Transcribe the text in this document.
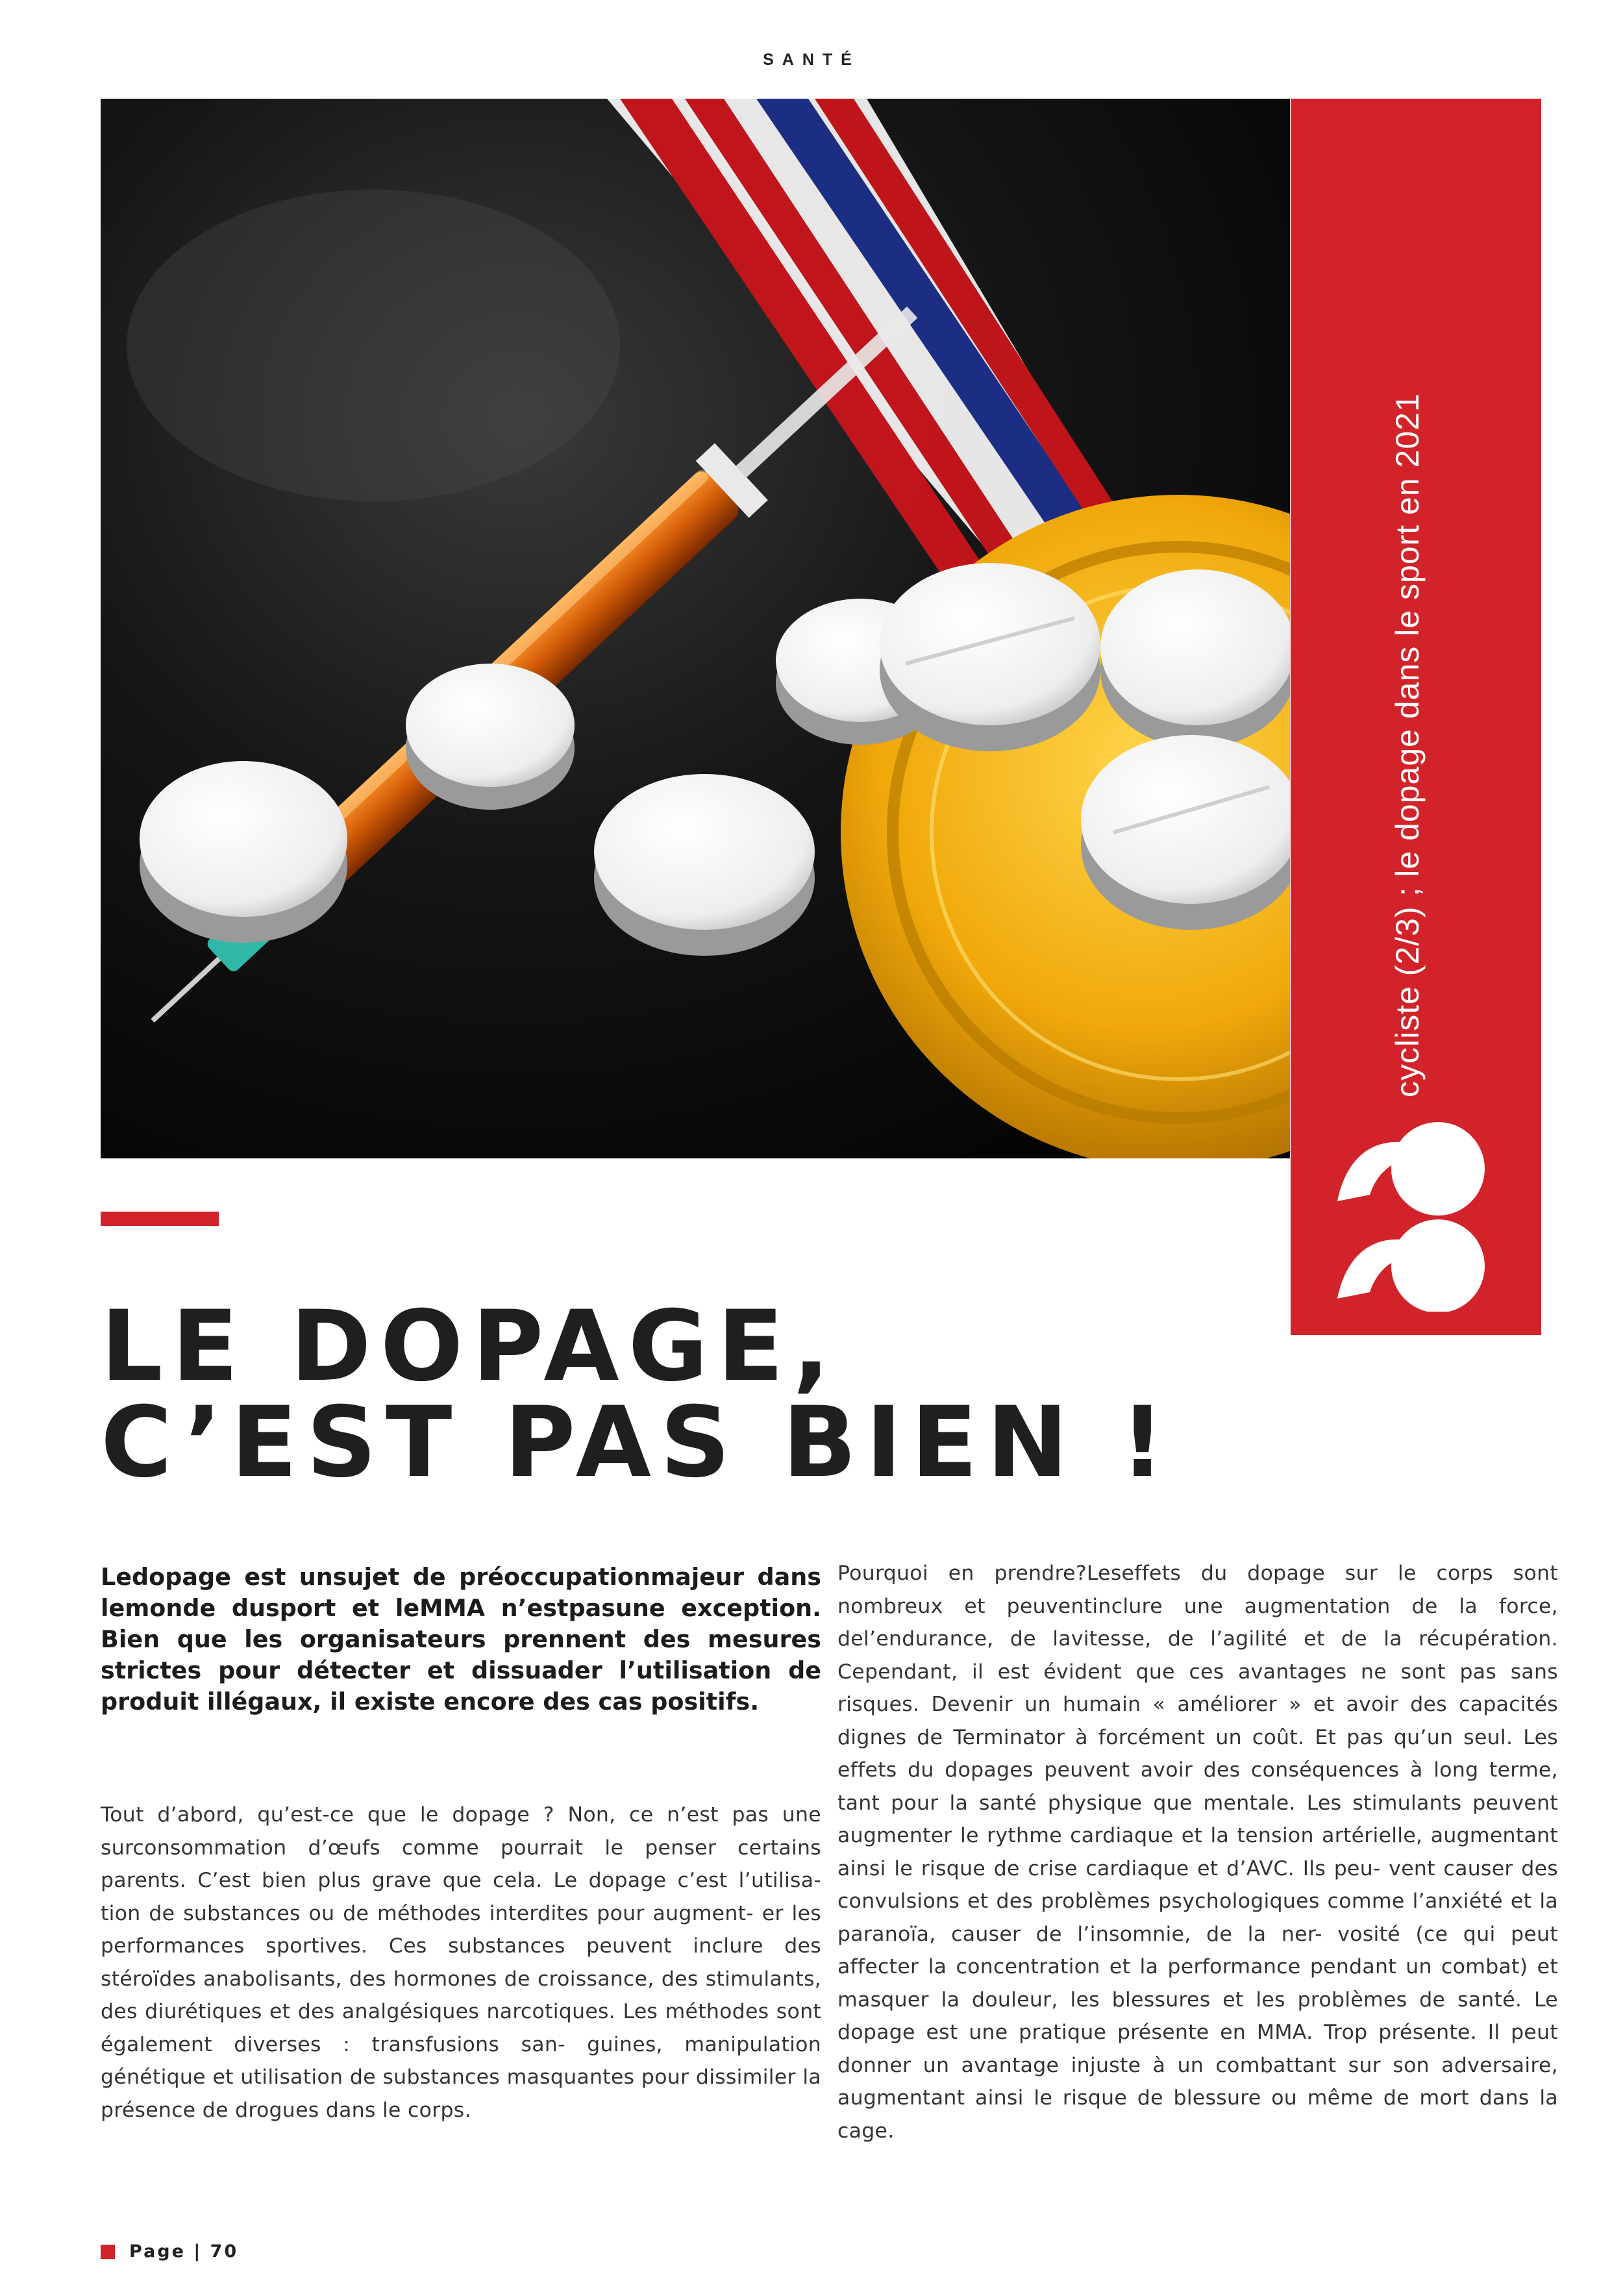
SANTÉ
cycliste (2/3) ; le dopage dans le sport en 2021
LE DOPAGE,
C’EST PAS BIEN !

Ledopage est unsujet de préoccupationmajeur dans lemonde dusport et leMMA n’estpasune exception. Bien que les organisateurs prennent des mesures strictes pour détecter et dissuader l’utilisation de produit illégaux, il existe encore des cas positifs.

Tout d’abord, qu’est-ce que le dopage ? Non, ce n’est pas une surconsommation d’œufs comme pourrait le penser certains parents. C’est bien plus grave que cela. Le dopage c’est l’utilisa- tion de substances ou de méthodes interdites pour augment- er les performances sportives. Ces substances peuvent inclure des stéroïdes anabolisants, des hormones de croissance, des stimulants, des diurétiques et des analgésiques narcotiques. Les méthodes sont également diverses : transfusions san- guines, manipulation génétique et utilisation de substances masquantes pour dissimiler la présence de drogues dans le corps.

Pourquoi en prendre?Leseffets du dopage sur le corps sont nombreux et peuventinclure une augmentation de la force, del’endurance, de lavitesse, de l’agilité et de la récupération. Cependant, il est évident que ces avantages ne sont pas sans risques. Devenir un humain « améliorer » et avoir des capacités dignes de Terminator à forcément un coût. Et pas qu’un seul. Les effets du dopages peuvent avoir des conséquences à long terme, tant pour la santé physique que mentale. Les stimulants peuvent augmenter le rythme cardiaque et la tension artérielle, augmentant ainsi le risque de crise cardiaque et d’AVC. Ils peu- vent causer des convulsions et des problèmes psychologiques comme l’anxiété et la paranoïa, causer de l’insomnie, de la ner- vosité (ce qui peut affecter la concentration et la performance pendant un combat) et masquer la douleur, les blessures et les problèmes de santé. Le dopage est une pratique présente en MMA. Trop présente. Il peut donner un avantage injuste à un combattant sur son adversaire, augmentant ainsi le risque de blessure ou même de mort dans la cage.

Page | 70
